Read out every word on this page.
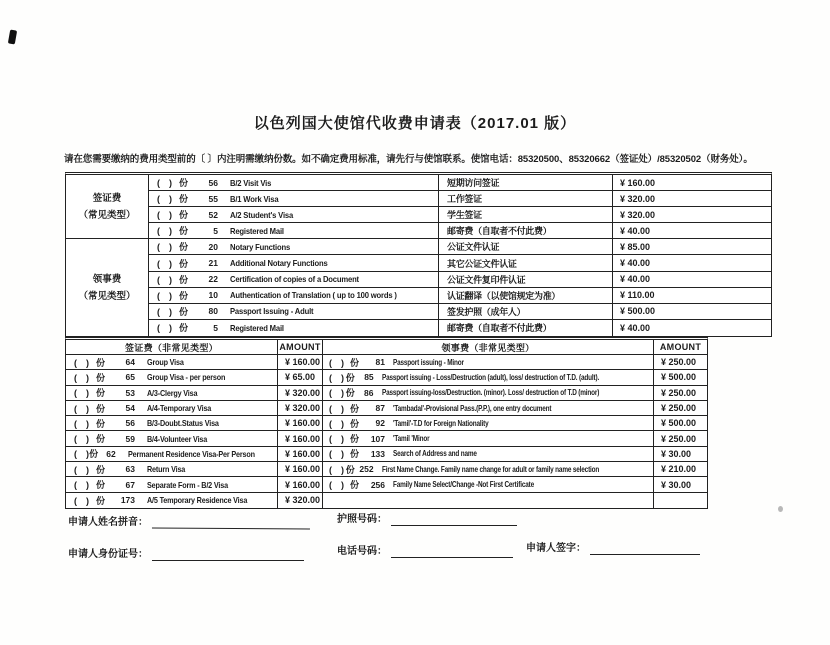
以色列国大使馆代收费申请表（2017.01 版）
请在您需要缴纳的费用类型前的〔 〕内注明需缴纳份数。如不确定费用标准，请先行与使馆联系。使馆电话：85320500、85320662（签证处）/85320502（财务处）。
签证费
（常见类型）
(　) 份	56 B/2 Visit Vis	短期访问签证	¥ 160.00
(　) 份	55 B/1 Work Visa	工作签证	¥ 320.00
(　) 份	52 A/2 Student's Visa	学生签证	¥ 320.00
(　) 份	5 Registered Mail	邮寄费（自取者不付此费）	¥ 40.00
领事费
（常见类型）
(　) 份	20 Notary Functions	公证文件认证	¥ 85.00
(　) 份	21 Additional Notary Functions	其它公证文件认证	¥ 40.00
(　) 份	22 Certification of copies of a Document	公证文件复印件认证	¥ 40.00
(　) 份	10 Authentication of Translation ( up to 100 words )	认证翻译（以使馆规定为准）	¥ 110.00
(　) 份	80 Passport Issuing - Adult	签发护照（成年人）	¥ 500.00
(　) 份	5 Registered Mail	邮寄费（自取者不付此费）	¥ 40.00
签证费（非常见类型）	AMOUNT	领事费（非常见类型）	AMOUNT
(　) 份	64 Group Visa	¥ 160.00 (　) 份	81 Passport issuing - Minor	¥ 250.00
(　) 份	65 Group Visa - per person	¥ 65.00	(　) 份	85 Passport issuing - Loss/Destruction (adult), loss/ destruction of T.D. (adult).	¥ 500.00
(　) 份	53 A/3-Clergy Visa	¥ 320.00 (　) 份	86 Passport issuing-loss/Destruction. (minor). Loss/ destruction of T.D (minor)	¥ 250.00
(　) 份	54 A/4-Temporary Visa	¥ 320.00 (　) 份	87 'Tambadal'-Provisional Pass.(P.P.), one entry document	¥ 250.00
(　) 份	56 B/3-Doubt.Status Visa	¥ 160.00 (　) 份	92 'Tamil'-T.D for Foreign Nationality	¥ 500.00
(　) 份	59 B/4-Volunteer Visa	¥ 160.00 (　) 份	107 'Tamil 'Minor	¥ 250.00
(　) 份 62 Permanent Residence Visa-Per Person	¥ 160.00 (　) 份	133 Search of Address and name	¥ 30.00
(　) 份	63 Return Visa	¥ 160.00 (　) 份 252 First Name Change. Family name change for adult or family name selection	¥ 210.00
(　) 份	67 Separate Form - B/2 Visa	¥ 160.00 (　) 份	256 Family Name Select/Change -Not First Certificate	¥ 30.00
(　) 份	173 A/5 Temporary Residence Visa	¥ 320.00
申请人姓名拼音：	护照号码：
申请人身份证号：	电话号码：	申请人签字：
